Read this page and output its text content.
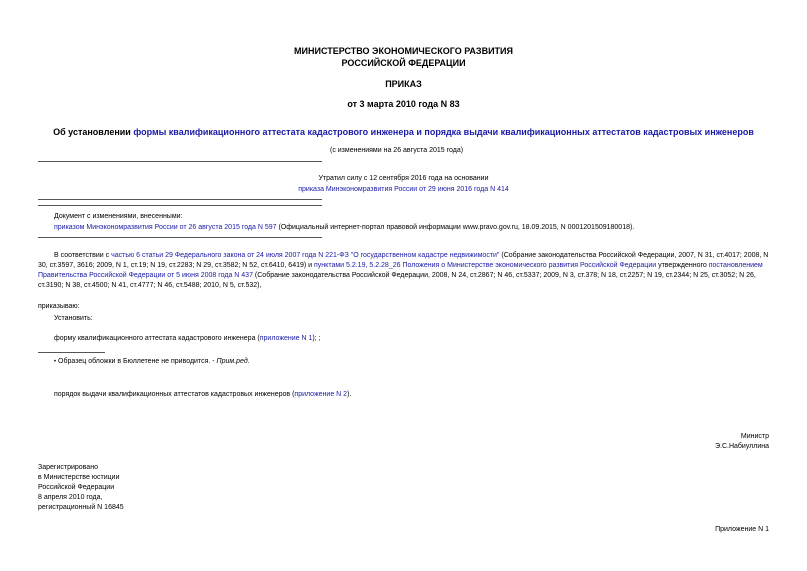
МИНИСТЕРСТВО ЭКОНОМИЧЕСКОГО РАЗВИТИЯ
РОССИЙСКОЙ ФЕДЕРАЦИИ
ПРИКАЗ
от 3 марта 2010 года N 83
Об установлении формы квалификационного аттестата кадастрового инженера и порядка выдачи квалификационных аттестатов кадастровых инженеров
(с изменениями на 26 августа 2015 года)
Утратил силу с 12 сентября 2016 года на основании
приказа Минэкономразвития России от 29 июня 2016 года N 414
Документ с изменениями, внесенными:
приказом Минэкономразвития России от 26 августа 2015 года N 597 (Официальный интернет-портал правовой информации www.pravo.gov.ru, 18.09.2015, N 0001201509180018).
В соответствии с частью 6 статьи 29 Федерального закона от 24 июля 2007 года N 221-ФЗ "О государственном кадастре недвижимости" (Собрание законодательства Российской Федерации, 2007, N 31, ст.4017; 2008, N 30, ст.3597, 3616; 2009, N 1, ст.19; N 19, ст.2283; N 29, ст.3582; N 52, ст.6410, 6419) и пунктами 5.2.19, 5.2.28_26 Положения о Министерстве экономического развития Российской Федерации утвержденного постановлением Правительства Российской Федерации от 5 июня 2008 года N 437 (Собрание законодательства Российской Федерации, 2008, N 24, ст.2867; N 46, ст.5337; 2009, N 3, ст.378; N 18, ст.2257; N 19, ст.2344; N 25, ст.3052; N 26, ст.3190; N 38, ст.4500; N 41, ст.4777; N 46, ст.5488; 2010, N 5, ст.532),
приказываю:
Установить:
форму квалификационного аттестата кадастрового инженера (приложение N 1); ;
• Образец обложки в Бюллетене не приводится. - Прим.ред.
порядок выдачи квалификационных аттестатов кадастровых инженеров (приложение N 2).
Министр
Э.С.Набиуллина
Зарегистрировано
в Министерстве юстиции
Российской Федерации
8 апреля 2010 года,
регистрационный N 16845
Приложение N 1
